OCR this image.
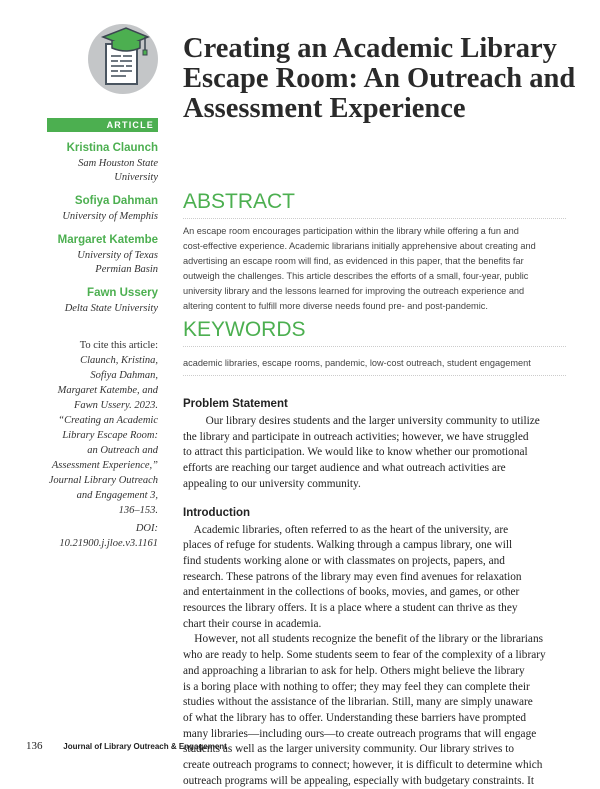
ARTICLE
Kristina Claunch
Sam Houston State
University
Sofiya Dahman
University of Memphis
Margaret Katembe
University of Texas
Permian Basin
Fawn Ussery
Delta State University
To cite this article:
Claunch, Kristina,
Sofiya Dahman,
Margaret Katembe, and
Fawn Ussery. 2023.
“Creating an Academic
Library Escape Room:
an Outreach and
Assessment Experience,”
Journal Library Outreach
and Engagement 3,
136–153.
DOI:
10.21900.j.jloe.v3.1161
Creating an Academic Library Escape Room: An Outreach and Assessment Experience
ABSTRACT

An escape room encourages participation within the library while offering a fun and
cost-effective experience. Academic librarians initially apprehensive about creating and
advertising an escape room will find, as evidenced in this paper, that the benefits far
outweigh the challenges. This article describes the efforts of a small, four-year, public
university library and the lessons learned for improving the outreach experience and
altering content to fulfill more diverse needs found pre- and post-pandemic.

KEYWORDS

academic libraries, escape rooms, pandemic, low-cost outreach, student engagement

Problem Statement
Our library desires students and the larger university community to utilize
the library and participate in outreach activities; however, we have struggled
to attract this participation. We would like to know whether our promotional
efforts are reaching our target audience and what outreach activities are
appealing to our university community.
Introduction
Academic libraries, often referred to as the heart of the university, are
places of refuge for students. Walking through a campus library, one will
find students working alone or with classmates on projects, papers, and
research. These patrons of the library may even find avenues for relaxation
and entertainment in the collections of books, movies, and games, or other
resources the library offers. It is a place where a student can thrive as they
chart their course in academia.
However, not all students recognize the benefit of the library or the librarians
who are ready to help. Some students seem to fear of the complexity of a library
and approaching a librarian to ask for help. Others might believe the library
is a boring place with nothing to offer; they may feel they can complete their
studies without the assistance of the librarian. Still, many are simply unaware
of what the library has to offer. Understanding these barriers have prompted
many libraries—including ours—to create outreach programs that will engage
students as well as the larger university community. Our library strives to
create outreach programs to connect; however, it is difficult to determine which
outreach programs will be appealing, especially with budgetary constraints. It
136	Journal of Library Outreach & Engagement
